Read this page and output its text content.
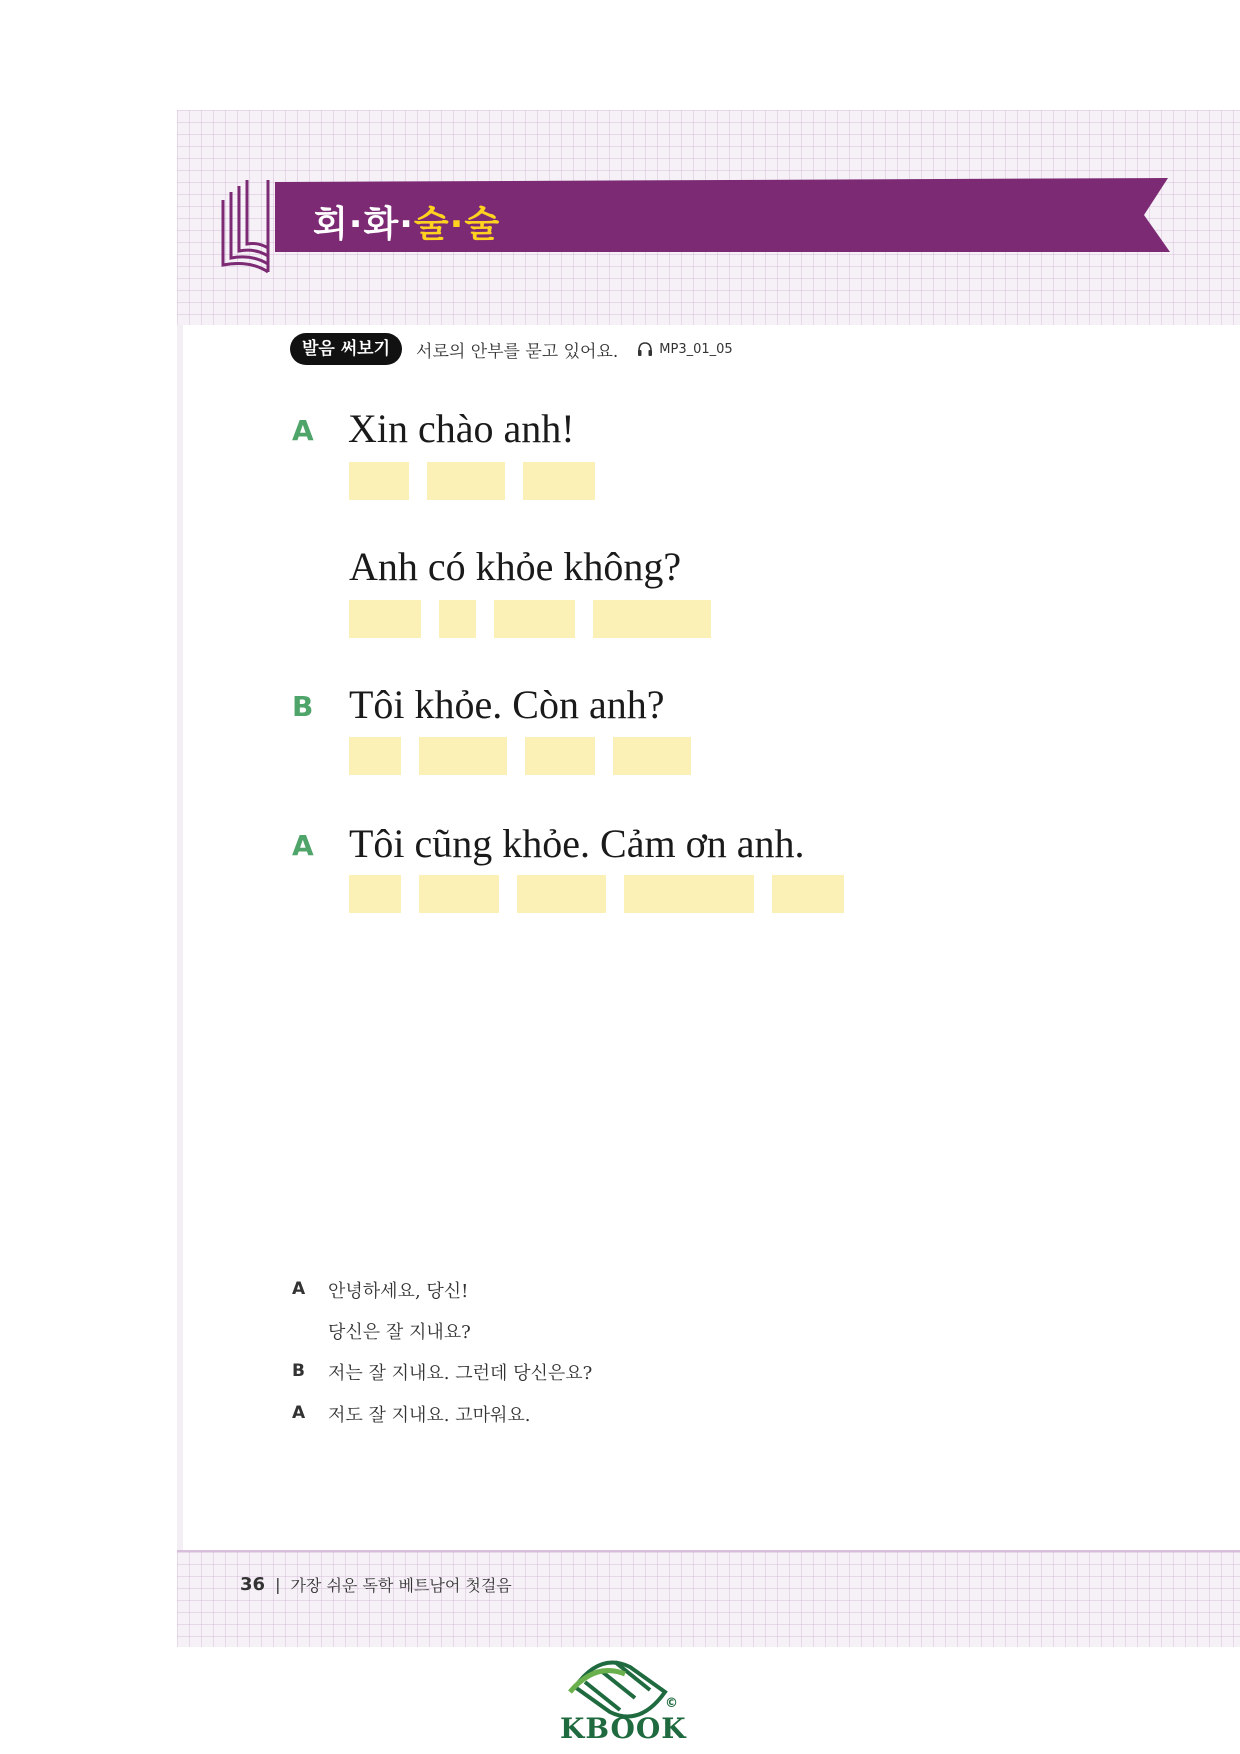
회·화·술·술
발음 써보기	서로의 안부를 묻고 있어요.	MP3_01_05
A Xin chào anh!
Anh có khỏe không?
B Tôi khỏe. Còn anh?
A Tôi cũng khỏe. Cảm ơn anh.
A 안녕하세요, 당신!
당신은 잘 지내요?
B 저는 잘 지내요. 그런데 당신은요?
A 저도 잘 지내요. 고마워요.
36 | 가장 쉬운 독학 베트남어 첫걸음
KBOOK
©
